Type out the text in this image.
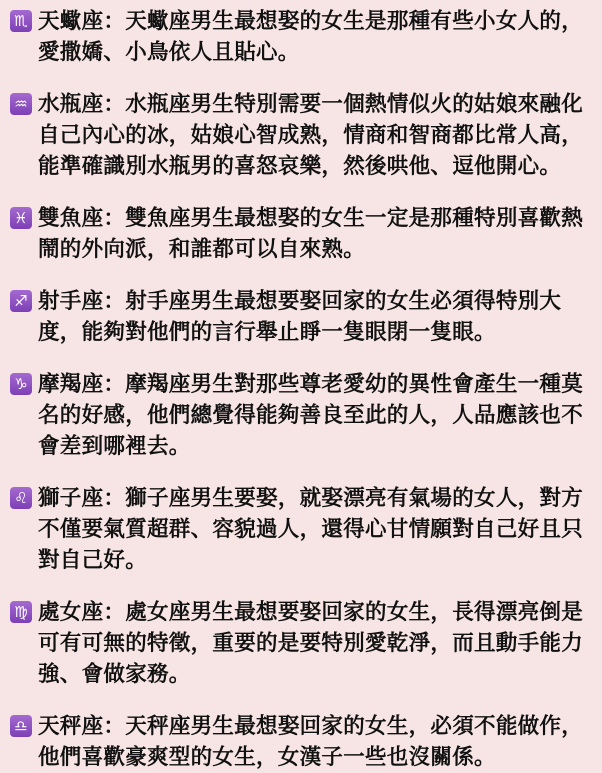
♏ 天蠍座：天蠍座男生最想娶的女生是那種有些小女人的，愛撒嬌、小鳥依人且貼心。
♒ 水瓶座：水瓶座男生特別需要一個熱情似火的姑娘來融化自己內心的冰，姑娘心智成熟，情商和智商都比常人高，能準確識別水瓶男的喜怒哀樂，然後哄他、逗他開心。
♓ 雙魚座：雙魚座男生最想娶的女生一定是那種特別喜歡熱鬧的外向派，和誰都可以自來熟。
♐ 射手座：射手座男生最想要娶回家的女生必須得特別大度，能夠對他們的言行舉止睜一隻眼閉一隻眼。
♑ 摩羯座：摩羯座男生對那些尊老愛幼的異性會產生一種莫名的好感，他們總覺得能夠善良至此的人，人品應該也不會差到哪裡去。
♌ 獅子座：獅子座男生要娶，就娶漂亮有氣場的女人，對方不僅要氣質超群、容貌過人，還得心甘情願對自己好且只對自己好。
♍ 處女座：處女座男生最想要娶回家的女生，長得漂亮倒是可有可無的特徵，重要的是要特別愛乾淨，而且動手能力強、會做家務。
♎ 天秤座：天秤座男生最想娶回家的女生，必須不能做作，他們喜歡豪爽型的女生，女漢子一些也沒關係。
